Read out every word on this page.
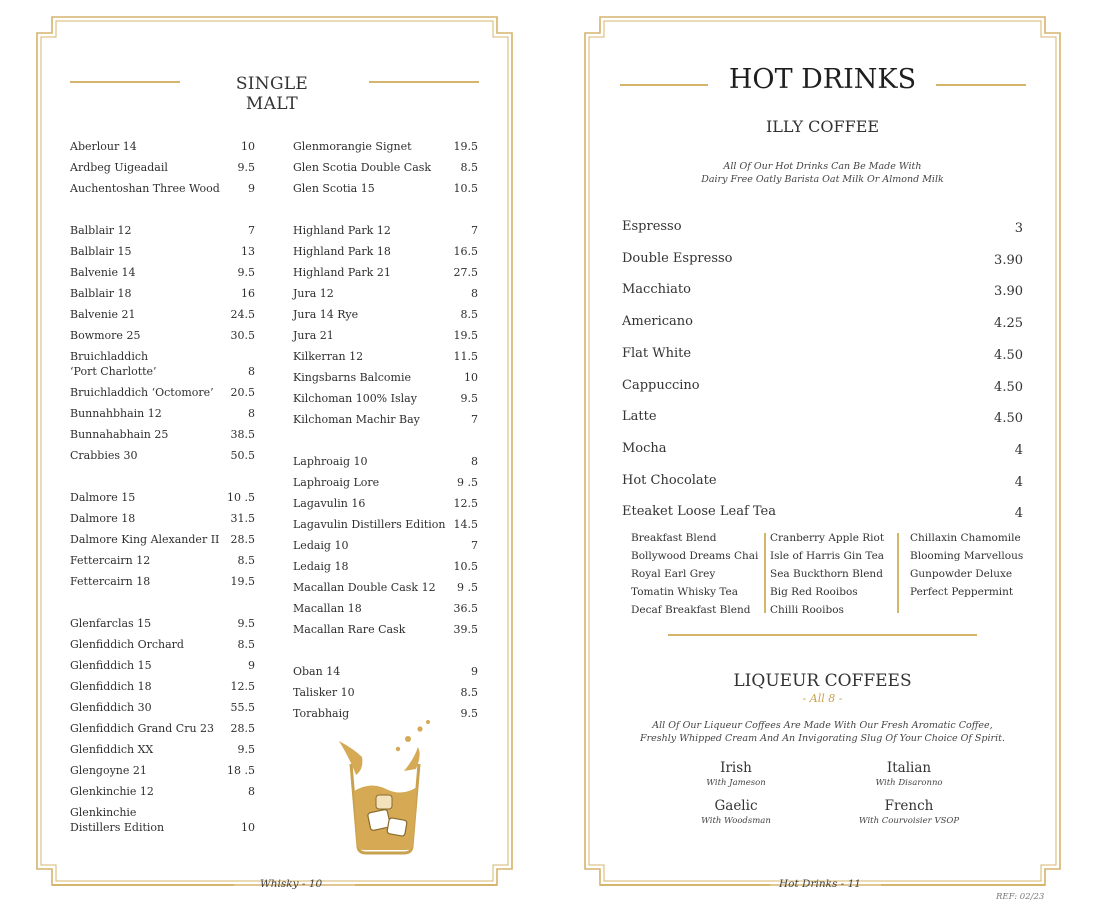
SINGLE MALT
Aberlour 14	10
Ardbeg Uigeadail	9.5
Auchentoshan Three Wood	9
Balblair 12	7
Balblair 15	13
Balvenie 14	9.5
Balblair 18	16
Balvenie 21	24.5
Bowmore 25	30.5
Bruichladdich
‘Port Charlotte’	8
Bruichladdich ‘Octomore’ 20.5
Bunnahbhain 12	8
Bunnahabhain 25	38.5
Crabbies 30	50.5
Dalmore 15	10 .5
Dalmore 18	31.5
Dalmore King Alexander II 28.5
Fettercairn 12	8.5
Fettercairn 18	19.5
Glenfarclas 15	9.5
Glenfiddich Orchard	8.5
Glenfiddich 15	9
Glenfiddich 18	12.5
Glenfiddich 30	55.5
Glenfiddich Grand Cru 23 28.5
Glenfiddich XX	9.5
Glengoyne 21	18 .5
Glenkinchie 12	8
Glenkinchie
Distillers Edition	10
Glenmorangie Signet	19.5
Glen Scotia Double Cask	8.5
Glen Scotia 15	10.5
Highland Park 12	7
Highland Park 18	16.5
Highland Park 21	27.5
Jura 12	8
Jura 14 Rye	8.5
Jura 21	19.5
Kilkerran 12	11.5
Kingsbarns Balcomie	10
Kilchoman 100% Islay	9.5
Kilchoman Machir Bay	7
Laphroaig 10	8
Laphroaig Lore	9 .5
Lagavulin 16	12.5
Lagavulin Distillers Edition 14.5
Ledaig 10	7
Ledaig 18	10.5
Macallan Double Cask 12 9 .5
Macallan 18	36.5
Macallan Rare Cask	39.5
Oban 14	9
Talisker 10	8.5
Torabhaig	9.5
Whisky - 10
HOT DRINKS
ILLY COFFEE
All Of Our Hot Drinks Can Be Made With
Dairy Free Oatly Barista Oat Milk Or Almond Milk
Espresso	3
Double Espresso	3.90
Macchiato	3.90
Americano	4.25
Flat White	4.50
Cappuccino	4.50
Latte	4.50
Mocha	4
Hot Chocolate	4
Eteaket Loose Leaf Tea	4
Breakfast Blend
Bollywood Dreams Chai
Royal Earl Grey
Tomatin Whisky Tea
Decaf Breakfast Blend
Cranberry Apple Riot
Isle of Harris Gin Tea
Sea Buckthorn Blend
Big Red Rooibos
Chilli Rooibos
Chillaxin Chamomile
Blooming Marvellous
Gunpowder Deluxe
Perfect Peppermint
LIQUEUR COFFEES
- All 8 -
All Of Our Liqueur Coffees Are Made With Our Fresh Aromatic Coffee,
Freshly Whipped Cream And An Invigorating Slug Of Your Choice Of Spirit.
Irish
With Jameson
Italian
With Disaronno
Gaelic
With Woodsman
French
With Courvoisier VSOP
Hot Drinks - 11
REF: 02/23
